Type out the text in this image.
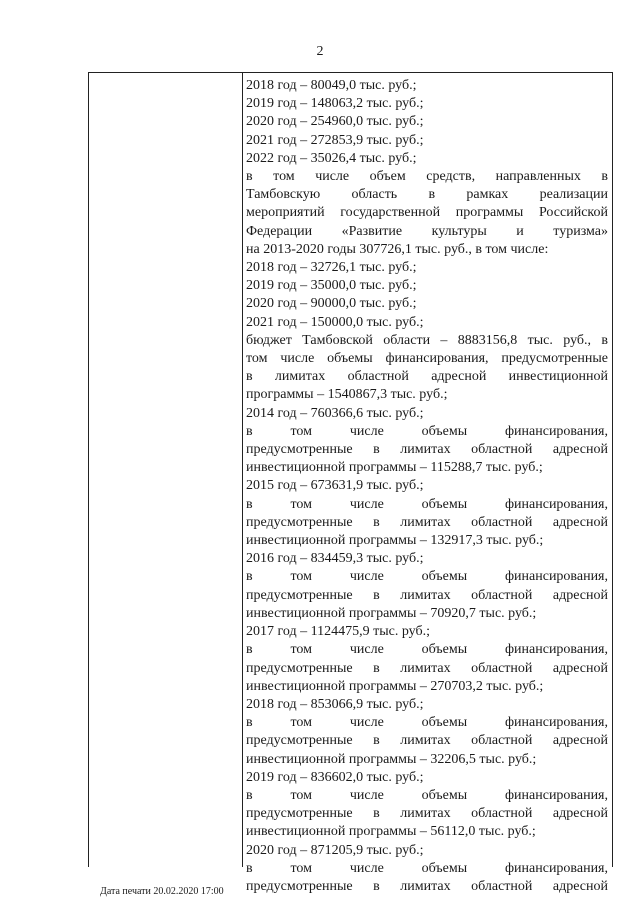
2
2018 год – 80049,0 тыс. руб.;
2019 год – 148063,2 тыс. руб.;
2020 год – 254960,0 тыс. руб.;
2021 год – 272853,9 тыс. руб.;
2022 год – 35026,4 тыс. руб.;
в том числе объем средств, направленных в
Тамбовскую область в рамках реализации
мероприятий государственной программы Российской
Федерации «Развитие культуры и туризма»
на 2013-2020 годы 307726,1 тыс. руб., в том числе:
2018 год – 32726,1 тыс. руб.;
2019 год – 35000,0 тыс. руб.;
2020 год – 90000,0 тыс. руб.;
2021 год – 150000,0 тыс. руб.;
бюджет Тамбовской области – 8883156,8 тыс. руб., в
том числе объемы финансирования, предусмотренные
в лимитах областной адресной инвестиционной
программы – 1540867,3 тыс. руб.;
2014 год – 760366,6 тыс. руб.;
в том числе объемы финансирования,
предусмотренные в лимитах областной адресной
инвестиционной программы – 115288,7 тыс. руб.;
2015 год – 673631,9 тыс. руб.;
в том числе объемы финансирования,
предусмотренные в лимитах областной адресной
инвестиционной программы – 132917,3 тыс. руб.;
2016 год – 834459,3 тыс. руб.;
в том числе объемы финансирования,
предусмотренные в лимитах областной адресной
инвестиционной программы – 70920,7 тыс. руб.;
2017 год – 1124475,9 тыс. руб.;
в том числе объемы финансирования,
предусмотренные в лимитах областной адресной
инвестиционной программы – 270703,2 тыс. руб.;
2018 год – 853066,9 тыс. руб.;
в том числе объемы финансирования,
предусмотренные в лимитах областной адресной
инвестиционной программы – 32206,5 тыс. руб.;
2019 год – 836602,0 тыс. руб.;
в том числе объемы финансирования,
предусмотренные в лимитах областной адресной
инвестиционной программы – 56112,0 тыс. руб.;
2020 год – 871205,9 тыс. руб.;
в том числе объемы финансирования,
предусмотренные в лимитах областной адресной
Дата печати 20.02.2020 17:00
